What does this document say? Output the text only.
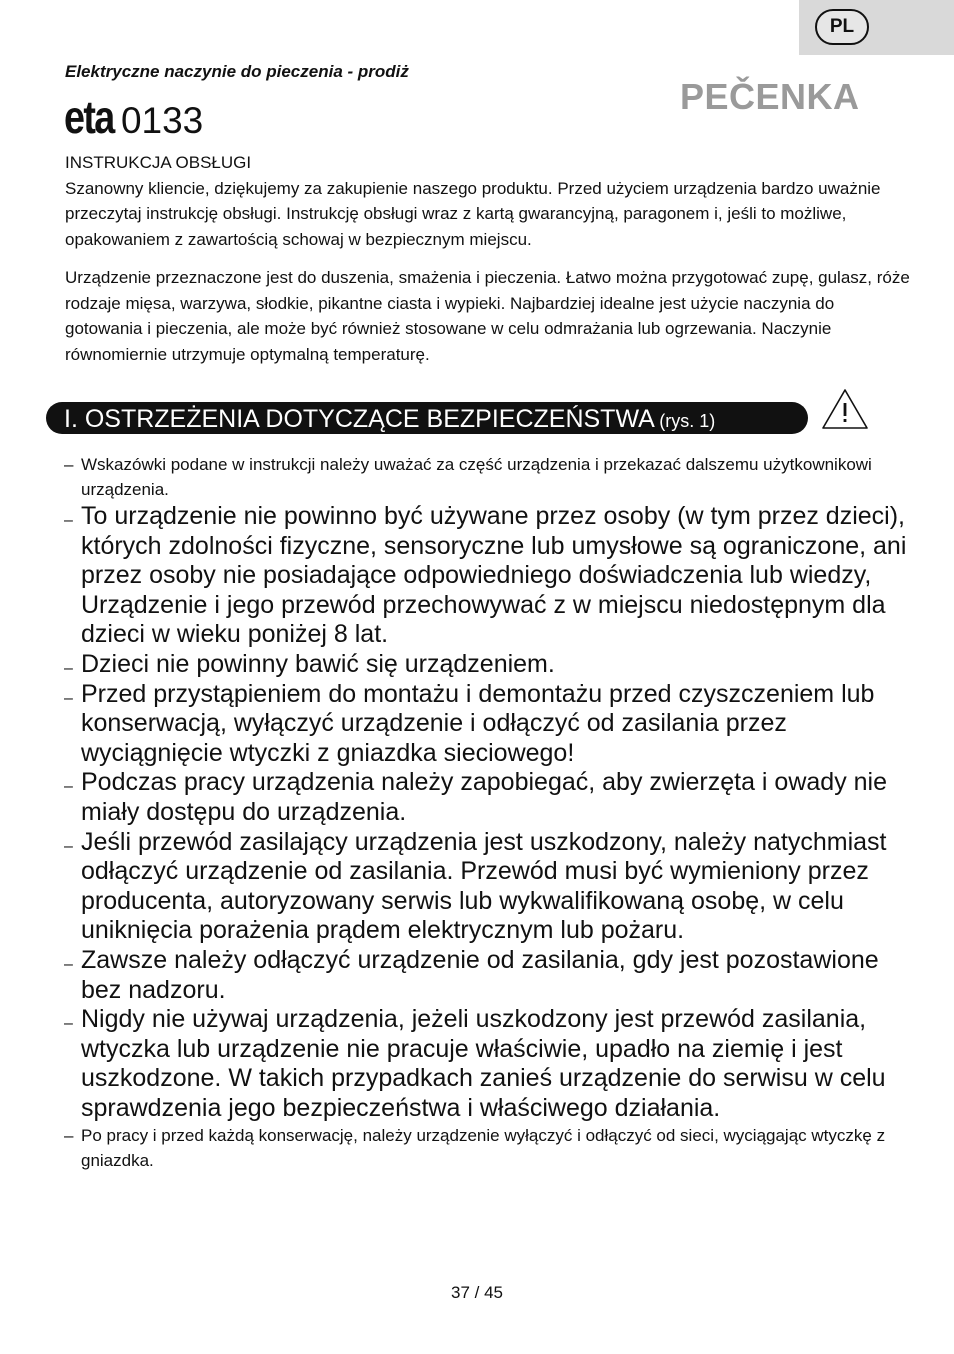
PL
Elektryczne naczynie do pieczenia - prodiż
eta 0133
PEČENKA

INSTRUKCJA OBSŁUGI

Szanowny kliencie, dziękujemy za zakupienie naszego produktu. Przed użyciem urządzenia bardzo uważnie przeczytaj instrukcję obsługi. Instrukcję obsługi wraz z kartą gwarancyjną, paragonem i, jeśli to możliwe, opakowaniem z zawartością schowaj w bezpiecznym miejscu.

Urządzenie przeznaczone jest do duszenia, smażenia i pieczenia. Łatwo można przygotować zupę, gulasz, róże rodzaje mięsa, warzywa, słodkie, pikantne ciasta i wypieki. Najbardziej idealne jest użycie naczynia do gotowania i pieczenia, ale może być również stosowane w celu odmrażania lub ogrzewania. Naczynie równomiernie utrzymuje optymalną temperaturę.

I. OSTRZEŻENIA DOTYCZĄCE BEZPIECZEŃSTWA (rys. 1)
– Wskazówki podane w instrukcji należy uważać za część urządzenia i przekazać dalszemu użytkownikowi urządzenia.
– To urządzenie nie powinno być używane przez osoby (w tym przez dzieci), których zdolności fizyczne, sensoryczne lub umysłowe są ograniczone, ani przez osoby nie posiadające odpowiedniego doświadczenia lub wiedzy, Urządzenie i jego przewód przechowywać z w miejscu niedostępnym dla dzieci w wieku poniżej 8 lat.
– Dzieci nie powinny bawić się urządzeniem.
– Przed przystąpieniem do montażu i demontażu przed czyszczeniem lub konserwacją, wyłączyć urządzenie i odłączyć od zasilania przez wyciągnięcie wtyczki z gniazdka sieciowego!
– Podczas pracy urządzenia należy zapobiegać, aby zwierzęta i owady nie miały dostępu do urządzenia.
– Jeśli przewód zasilający urządzenia jest uszkodzony, należy natychmiast odłączyć urządzenie od zasilania. Przewód musi być wymieniony przez producenta, autoryzowany serwis lub wykwalifikowaną osobę, w celu uniknięcia porażenia prądem elektrycznym lub pożaru.
– Zawsze należy odłączyć urządzenie od zasilania, gdy jest pozostawione bez nadzoru.
– Nigdy nie używaj urządzenia, jeżeli uszkodzony jest przewód zasilania, wtyczka lub urządzenie nie pracuje właściwie, upadło na ziemię i jest uszkodzone. W takich przypadkach zanieś urządzenie do serwisu w celu sprawdzenia jego bezpieczeństwa i właściwego działania.
– Po pracy i przed każdą konserwację, należy urządzenie wyłączyć i odłączyć od sieci, wyciągając wtyczkę z gniazdka.
37 / 45
